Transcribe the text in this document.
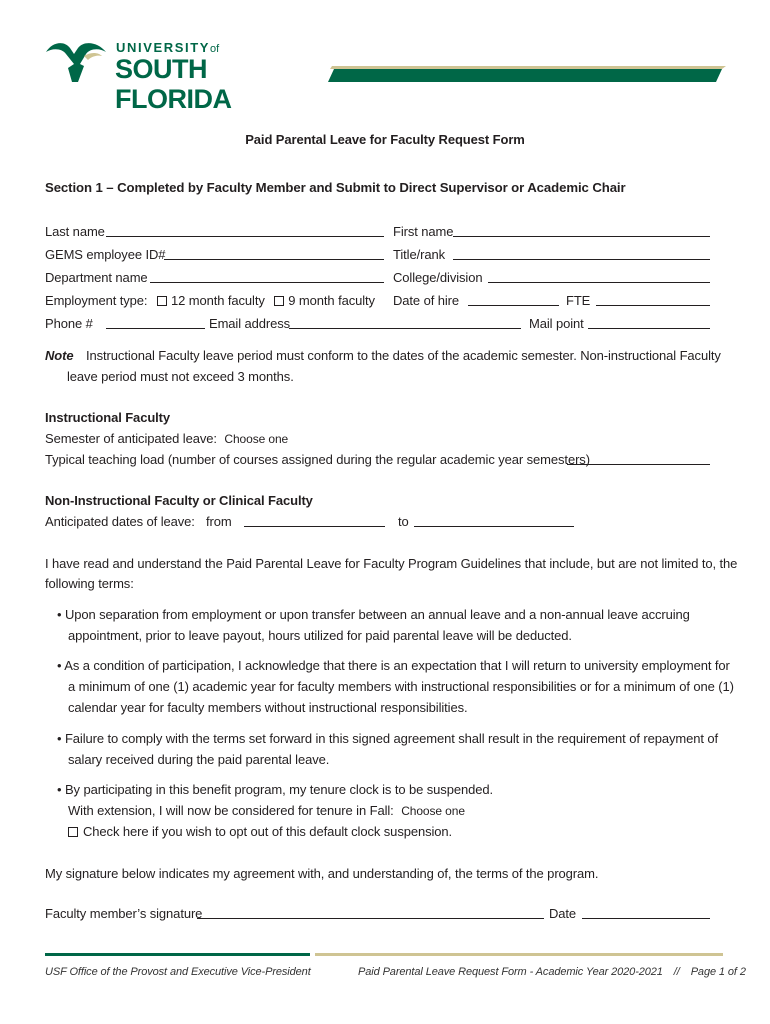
UNIVERSITYof
SOUTH FLORIDA
Paid Parental Leave for Faculty Request Form
Section 1 – Completed by Faculty Member and Submit to Direct Supervisor or Academic Chair
Last name	First name
GEMS employee ID#	Title/rank
Department name	College/division
Employment type: 12 month faculty 9 month faculty Date of hire	FTE
Phone #	Email address	Mail point
Note Instructional Faculty leave period must conform to the dates of the academic semester. Non-instructional Faculty
leave period must not exceed 3 months.
Instructional Faculty
Semester of anticipated leave: Choose one
Typical teaching load (number of courses assigned during the regular academic year semesters)
Non-Instructional Faculty or Clinical Faculty
Anticipated dates of leave: from	to
I have read and understand the Paid Parental Leave for Faculty Program Guidelines that include, but are not limited to, the
following terms:
• Upon separation from employment or upon transfer between an annual leave and a non-annual leave accruing
appointment, prior to leave payout, hours utilized for paid parental leave will be deducted.
• As a condition of participation, I acknowledge that there is an expectation that I will return to university employment for
a minimum of one (1) academic year for faculty members with instructional responsibilities or for a minimum of one (1)
calendar year for faculty members without instructional responsibilities.
• Failure to comply with the terms set forward in this signed agreement shall result in the requirement of repayment of
salary received during the paid parental leave.
• By participating in this benefit program, my tenure clock is to be suspended.
With extension, I will now be considered for tenure in Fall: Choose one
Check here if you wish to opt out of this default clock suspension.
My signature below indicates my agreement with, and understanding of, the terms of the program.
Faculty member’s signature	Date
USF Office of the Provost and Executive Vice-President	Paid Parental Leave Request Form - Academic Year 2020-2021 // Page 1 of 2
